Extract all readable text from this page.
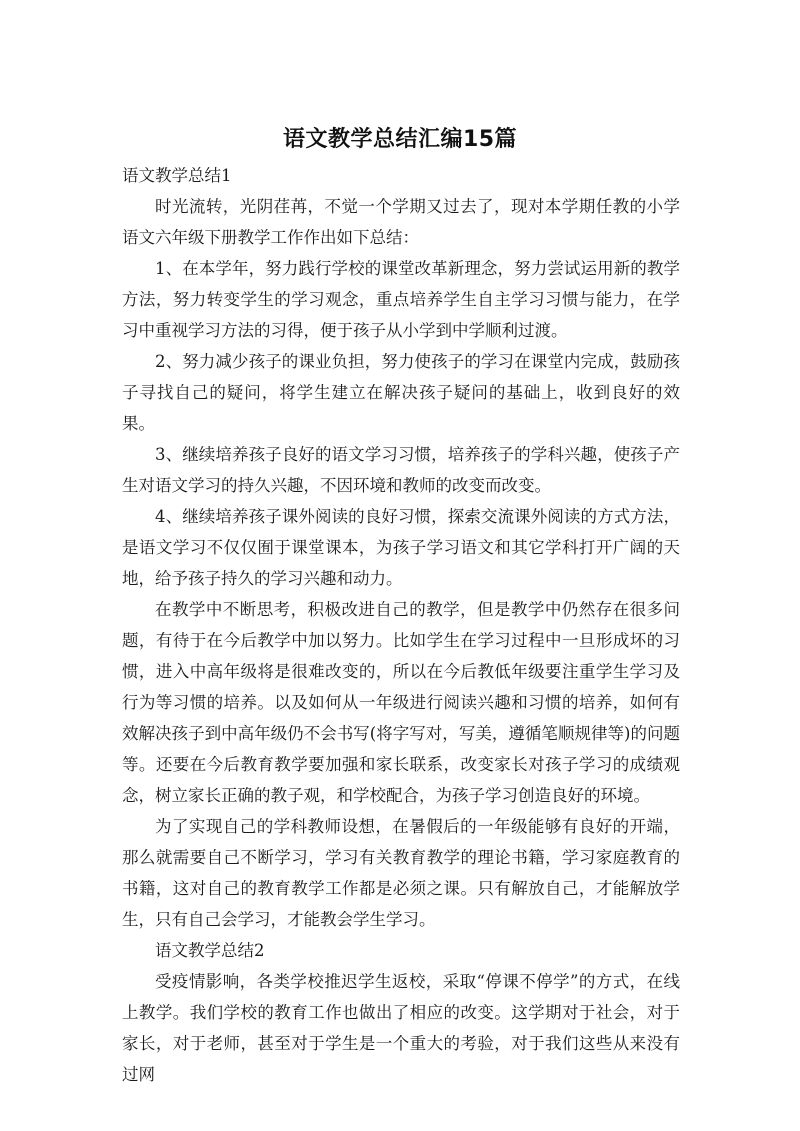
语文教学总结汇编15篇

语文教学总结1

时光流转，光阴荏苒，不觉一个学期又过去了，现对本学期任教的小学语文六年级下册教学工作作出如下总结：

1、在本学年，努力践行学校的课堂改革新理念，努力尝试运用新的教学方法，努力转变学生的学习观念，重点培养学生自主学习习惯与能力，在学习中重视学习方法的习得，便于孩子从小学到中学顺利过渡。

2、努力减少孩子的课业负担，努力使孩子的学习在课堂内完成，鼓励孩子寻找自己的疑问，将学生建立在解决孩子疑问的基础上，收到良好的效果。

3、继续培养孩子良好的语文学习习惯，培养孩子的学科兴趣，使孩子产生对语文学习的持久兴趣，不因环境和教师的改变而改变。

4、继续培养孩子课外阅读的良好习惯，探索交流课外阅读的方式方法，是语文学习不仅仅囿于课堂课本，为孩子学习语文和其它学科打开广阔的天地，给予孩子持久的学习兴趣和动力。

在教学中不断思考，积极改进自己的教学，但是教学中仍然存在很多问题，有待于在今后教学中加以努力。比如学生在学习过程中一旦形成坏的习惯，进入中高年级将是很难改变的，所以在今后教低年级要注重学生学习及行为等习惯的培养。以及如何从一年级进行阅读兴趣和习惯的培养，如何有效解决孩子到中高年级仍不会书写(将字写对，写美，遵循笔顺规律等)的问题等。还要在今后教育教学要加强和家长联系，改变家长对孩子学习的成绩观念，树立家长正确的教子观，和学校配合，为孩子学习创造良好的环境。

为了实现自己的学科教师设想，在暑假后的一年级能够有良好的开端，那么就需要自己不断学习，学习有关教育教学的理论书籍，学习家庭教育的书籍，这对自己的教育教学工作都是必须之课。只有解放自己，才能解放学生，只有自己会学习，才能教会学生学习。

语文教学总结2

受疫情影响，各类学校推迟学生返校，采取“停课不停学”的方式，在线上教学。我们学校的教育工作也做出了相应的改变。这学期对于社会，对于家长，对于老师，甚至对于学生是一个重大的考验，对于我们这些从来没有过网
